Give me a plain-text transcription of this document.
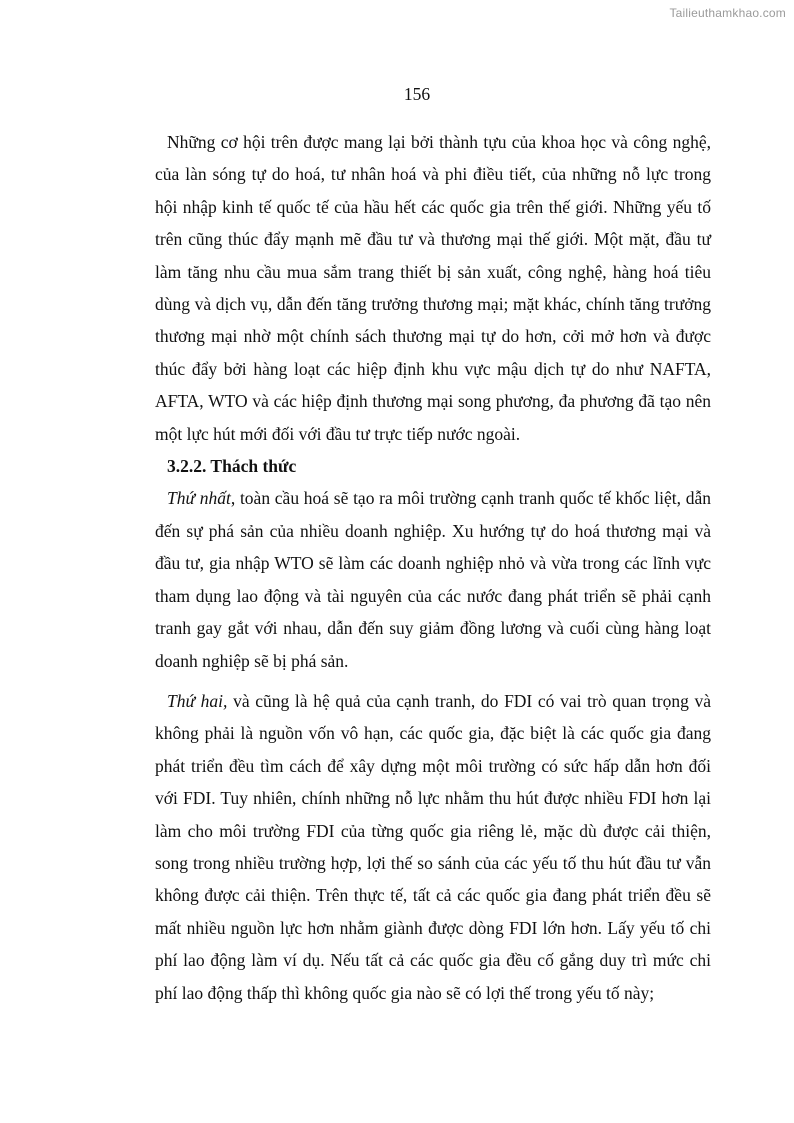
Tailieuthamkhao.com
156

Những cơ hội trên được mang lại bởi thành tựu của khoa học và công nghệ, của làn sóng tự do hoá, tư nhân hoá và phi điều tiết, của những nỗ lực trong hội nhập kinh tế quốc tế của hầu hết các quốc gia trên thế giới. Những yếu tố trên cũng thúc đẩy mạnh mẽ đầu tư và thương mại thế giới. Một mặt, đầu tư làm tăng nhu cầu mua sắm trang thiết bị sản xuất, công nghệ, hàng hoá tiêu dùng và dịch vụ, dẫn đến tăng trưởng thương mại; mặt khác, chính tăng trưởng thương mại nhờ một chính sách thương mại tự do hơn, cởi mở hơn và được thúc đẩy bởi hàng loạt các hiệp định khu vực mậu dịch tự do như NAFTA, AFTA, WTO và các hiệp định thương mại song phương, đa phương đã tạo nên một lực hút mới đối với đầu tư trực tiếp nước ngoài.

3.2.2. Thách thức

Thứ nhất, toàn cầu hoá sẽ tạo ra môi trường cạnh tranh quốc tế khốc liệt, dẫn đến sự phá sản của nhiều doanh nghiệp. Xu hướng tự do hoá thương mại và đầu tư, gia nhập WTO sẽ làm các doanh nghiệp nhỏ và vừa trong các lĩnh vực tham dụng lao động và tài nguyên của các nước đang phát triển sẽ phải cạnh tranh gay gắt với nhau, dẫn đến suy giảm đồng lương và cuối cùng hàng loạt doanh nghiệp sẽ bị phá sản.

Thứ hai, và cũng là hệ quả của cạnh tranh, do FDI có vai trò quan trọng và không phải là nguồn vốn vô hạn, các quốc gia, đặc biệt là các quốc gia đang phát triển đều tìm cách để xây dựng một môi trường có sức hấp dẫn hơn đối với FDI. Tuy nhiên, chính những nỗ lực nhằm thu hút được nhiều FDI hơn lại làm cho môi trường FDI của từng quốc gia riêng lẻ, mặc dù được cải thiện, song trong nhiều trường hợp, lợi thế so sánh của các yếu tố thu hút đầu tư vẫn không được cải thiện. Trên thực tế, tất cả các quốc gia đang phát triển đều sẽ mất nhiều nguồn lực hơn nhằm giành được dòng FDI lớn hơn. Lấy yếu tố chi phí lao động làm ví dụ. Nếu tất cả các quốc gia đều cố gắng duy trì mức chi phí lao động thấp thì không quốc gia nào sẽ có lợi thế trong yếu tố này;
